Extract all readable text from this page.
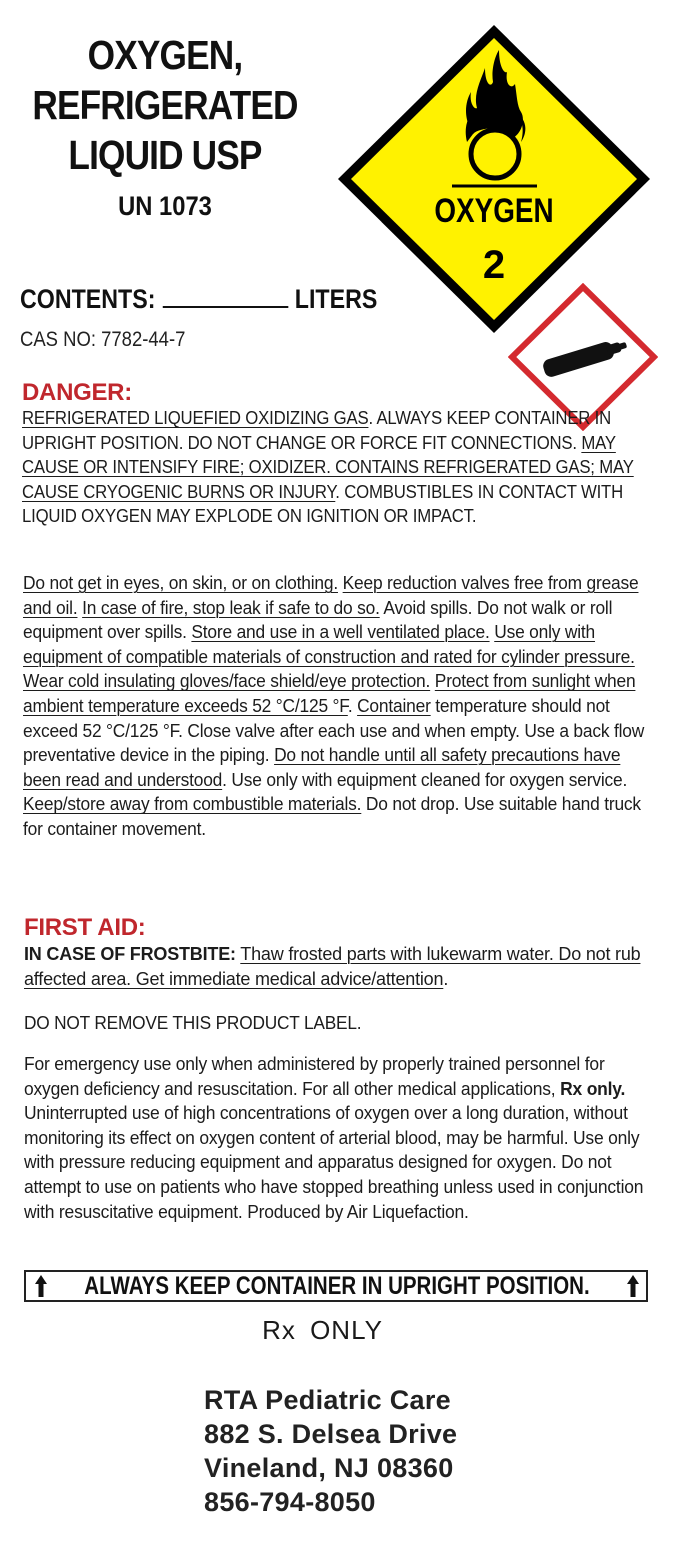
OXYGEN,
REFRIGERATED
LIQUID USP
UN 1073
CONTENTS:	LITERS
CAS NO: 7782-44-7
OXYGEN
2
DANGER:
REFRIGERATED LIQUEFIED OXIDIZING GAS. ALWAYS KEEP CONTAINER IN UPRIGHT POSITION. DO NOT CHANGE OR FORCE FIT CONNECTIONS. MAY CAUSE OR INTENSIFY FIRE; OXIDIZER. CONTAINS REFRIGERATED GAS; MAY CAUSE CRYOGENIC BURNS OR INJURY. COMBUSTIBLES IN CONTACT WITH LIQUID OXYGEN MAY EXPLODE ON IGNITION OR IMPACT.
Do not get in eyes, on skin, or on clothing. Keep reduction valves free from grease and oil. In case of fire, stop leak if safe to do so. Avoid spills. Do not walk or roll equipment over spills. Store and use in a well ventilated place. Use only with equipment of compatible materials of construction and rated for cylinder pressure. Wear cold insulating gloves/face shield/eye protection. Protect from sunlight when ambient temperature exceeds 52 °C/125 °F. Container temperature should not exceed 52 °C/125 °F. Close valve after each use and when empty. Use a back flow preventative device in the piping. Do not handle until all safety precautions have been read and understood. Use only with equipment cleaned for oxygen service. Keep/store away from combustible materials. Do not drop. Use suitable hand truck for container movement.
FIRST AID:
IN CASE OF FROSTBITE: Thaw frosted parts with lukewarm water. Do not rub affected area. Get immediate medical advice/attention.
DO NOT REMOVE THIS PRODUCT LABEL.
For emergency use only when administered by properly trained personnel for oxygen deficiency and resuscitation. For all other medical applications, Rx only. Uninterrupted use of high concentrations of oxygen over a long duration, without monitoring its effect on oxygen content of arterial blood, may be harmful. Use only with pressure reducing equipment and apparatus designed for oxygen. Do not attempt to use on patients who have stopped breathing unless used in conjunction with resuscitative equipment. Produced by Air Liquefaction.
ALWAYS KEEP CONTAINER IN UPRIGHT POSITION.
Rx ONLY
RTA Pediatric Care
882 S. Delsea Drive
Vineland, NJ 08360
856-794-8050
